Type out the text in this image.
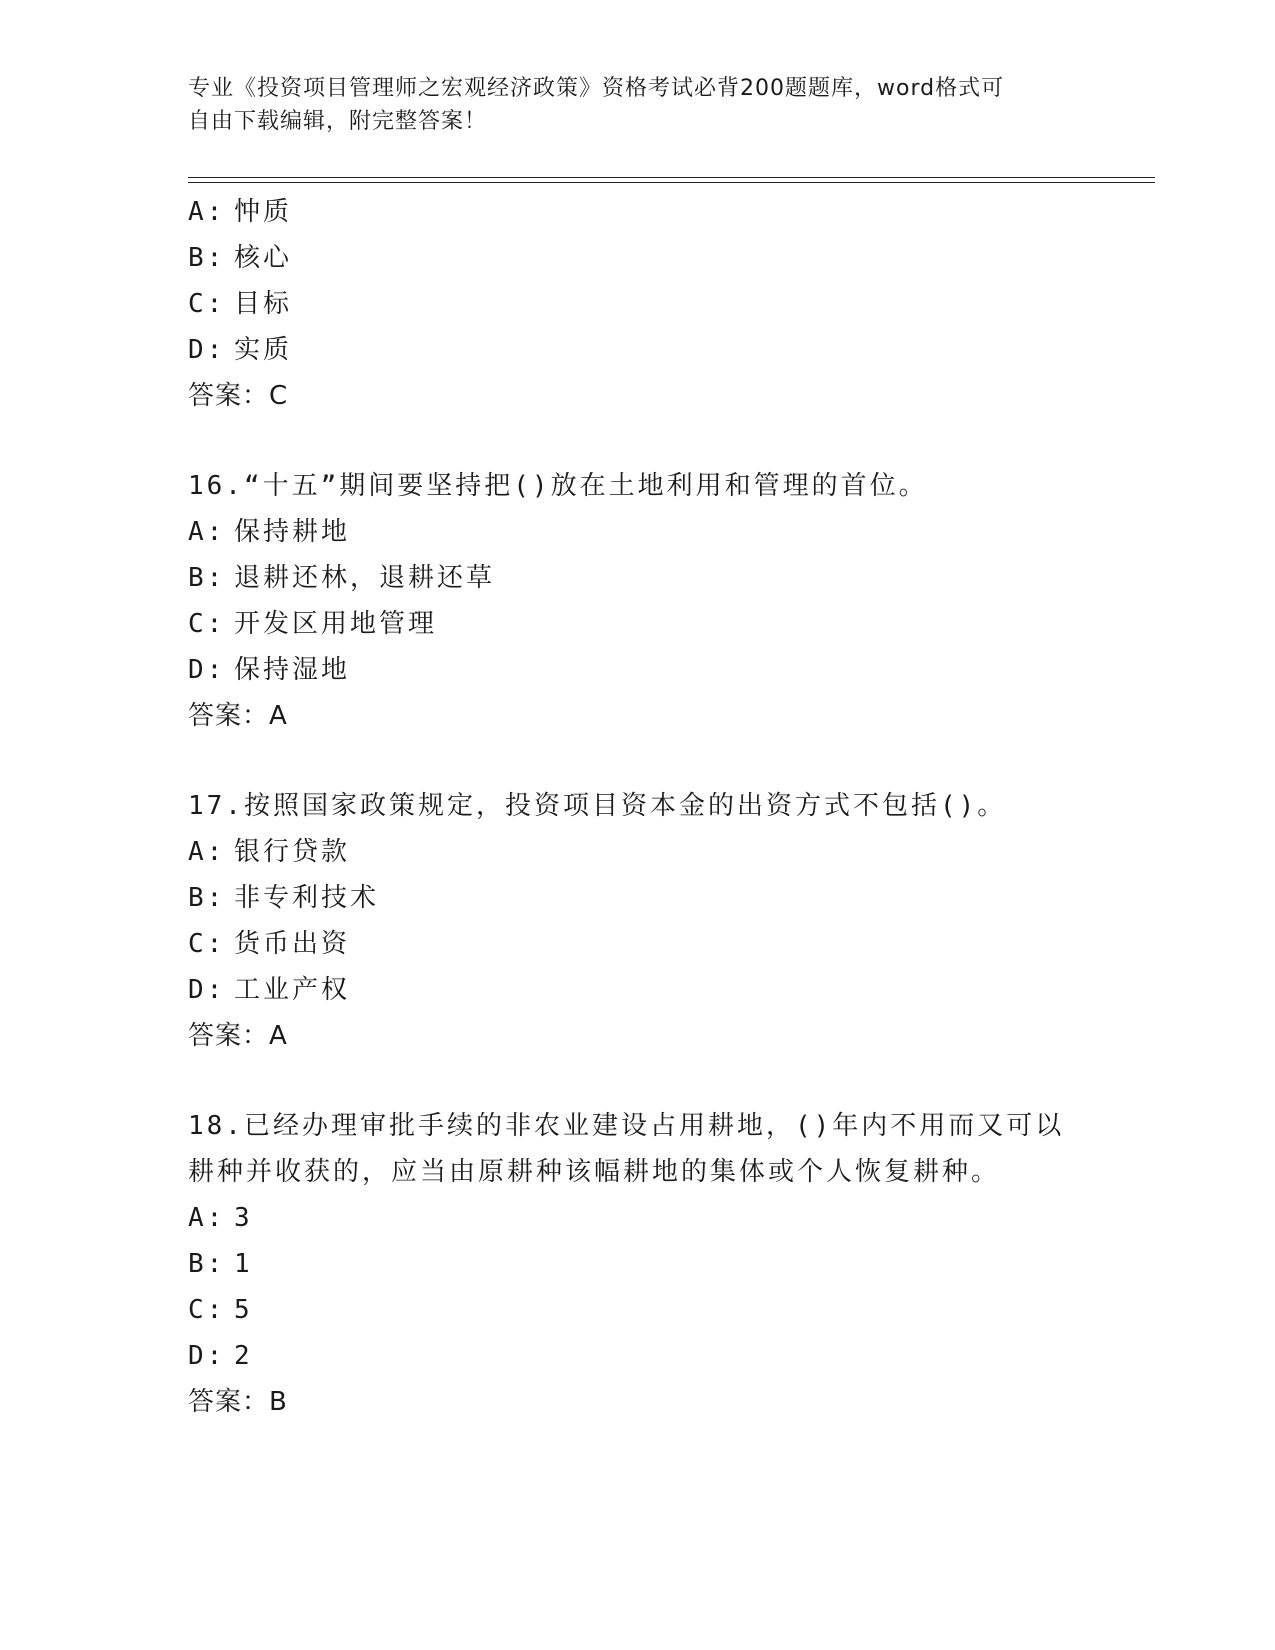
专业《投资项目管理师之宏观经济政策》资格考试必背200题题库，word格式可
自由下载编辑，附完整答案！
A: 忡质
B: 核心
C: 目标
D: 实质
答案：C
16.“十五”期间要坚持把()放在土地利用和管理的首位。
A: 保持耕地
B: 退耕还林，退耕还草
C: 开发区用地管理
D: 保持湿地
答案：A
17.按照国家政策规定，投资项目资本金的出资方式不包括()。
A: 银行贷款
B: 非专利技术
C: 货币出资
D: 工业产权
答案：A
18.已经办理审批手续的非农业建设占用耕地，()年内不用而又可以耕种并收获的，应当由原耕种该幅耕地的集体或个人恢复耕种。
A: 3
B: 1
C: 5
D: 2
答案：B
